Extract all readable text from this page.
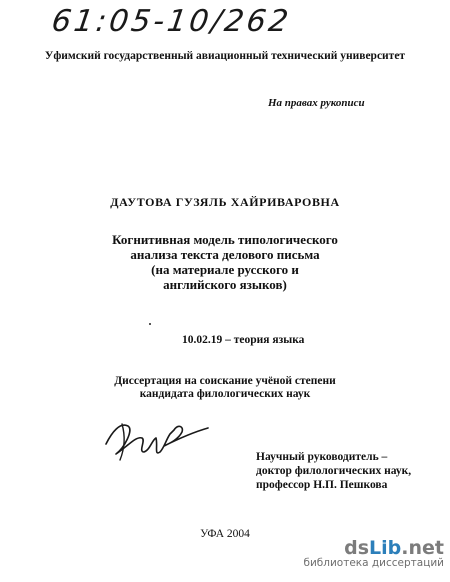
61:05-10/262
Уфимский государственный авиационный технический университет
На правах рукописи
ДАУТОВА ГУЗЯЛЬ ХАЙРИВАРОВНА
Когнитивная модель типологического
анализа текста делового письма
(на материале русского и
английского языков)
10.02.19 – теория языка
Диссертация на соискание учёной степени
кандидата филологических наук
Научный руководитель –
доктор филологических наук,
профессор Н.П. Пешкова
УФА 2004
dsLib.net
библиотека диссертаций
